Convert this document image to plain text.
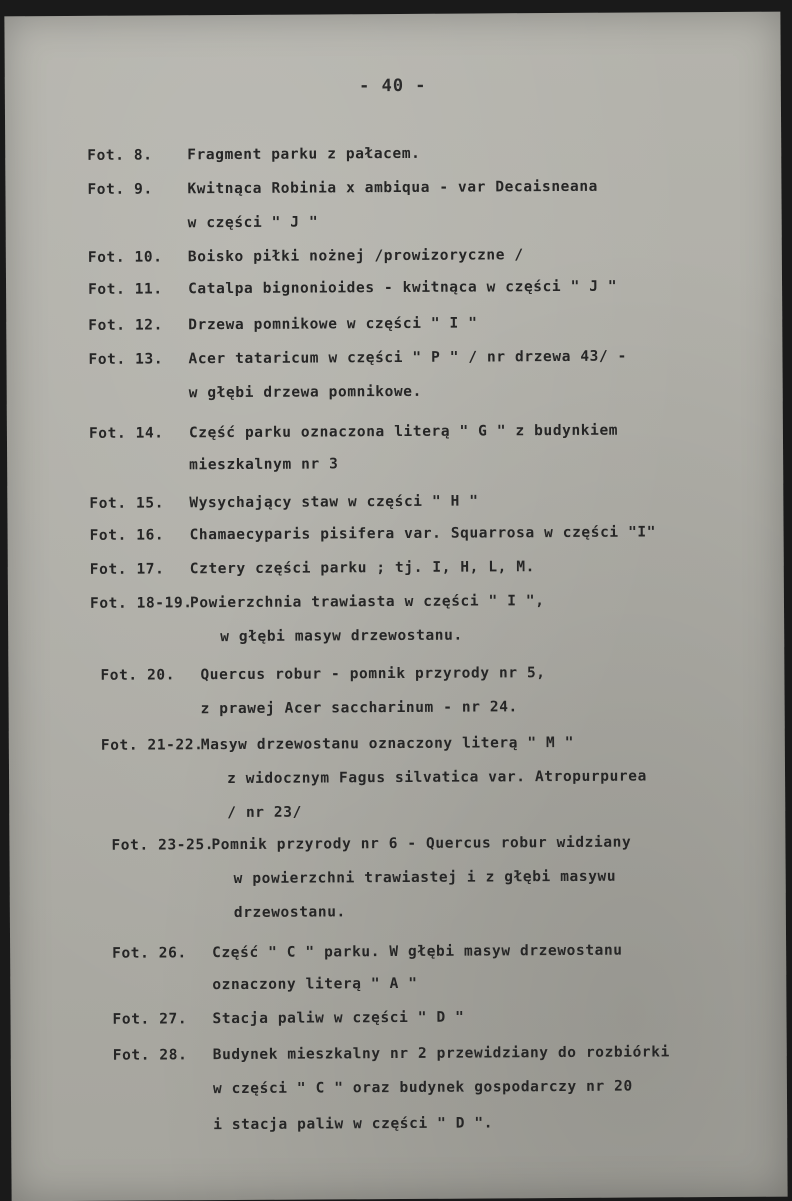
- 40 -
Fot. 8. Fragment parku z pałacem.
Fot. 9. Kwitnąca Robinia x ambiqua - var Decaisneana
w części " J "
Fot. 10. Boisko piłki nożnej /prowizoryczne /
Fot. 11. Catalpa bignonioides - kwitnąca w części " J "
Fot. 12. Drzewa pomnikowe w części " I "
Fot. 13. Acer tataricum w części " P " / nr drzewa 43/ -
w głębi drzewa pomnikowe.
Fot. 14. Część parku oznaczona literą " G " z budynkiem
mieszkalnym nr 3
Fot. 15. Wysychający staw w części " H "
Fot. 16. Chamaecyparis pisifera var. Squarrosa w części "I"
Fot. 17. Cztery części parku ; tj. I, H, L, M.
Fot. 18-19.Powierzchnia trawiasta w części " I ",
w głębi masyw drzewostanu.
Fot. 20. Quercus robur - pomnik przyrody nr 5,
z prawej Acer saccharinum - nr 24.
Fot. 21-22.Masyw drzewostanu oznaczony literą " M "
z widocznym Fagus silvatica var. Atropurpurea
/ nr 23/
Fot. 23-25.Pomnik przyrody nr 6 - Quercus robur widziany
w powierzchni trawiastej i z głębi masywu
drzewostanu.
Fot. 26. Część " C " parku. W głębi masyw drzewostanu
oznaczony literą " A "
Fot. 27. Stacja paliw w części " D "
Fot. 28. Budynek mieszkalny nr 2 przewidziany do rozbiórki
w części " C " oraz budynek gospodarczy nr 20
i stacja paliw w części " D ".
